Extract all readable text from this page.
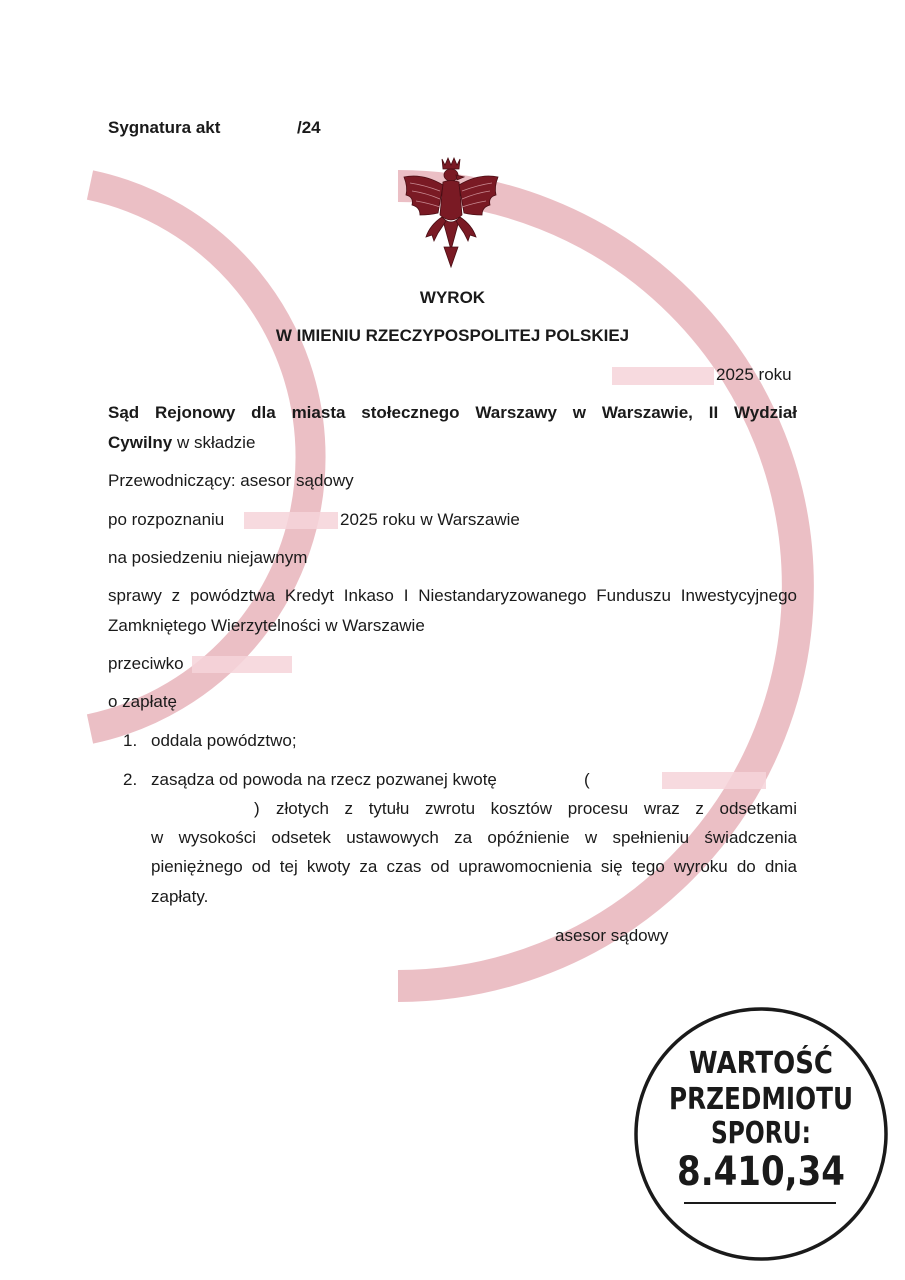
Sygnatura akt	/24
WYROK
W IMIENIU RZECZYPOSPOLITEJ POLSKIEJ
2025 roku
Sąd Rejonowy dla miasta stołecznego Warszawy w Warszawie, II Wydział
Cywilny w składzie
Przewodniczący: asesor sądowy
po rozpoznaniu	2025 roku w Warszawie
na posiedzeniu niejawnym
sprawy z powództwa Kredyt Inkaso I Niestandaryzowanego Funduszu Inwestycyjnego
Zamkniętego Wierzytelności w Warszawie
przeciwko
o zapłatę
1. oddala powództwo;
2. zasądza od powoda na rzecz pozwanej kwotę	(
) złotych z tytułu zwrotu kosztów procesu wraz z odsetkami
w wysokości odsetek ustawowych za opóźnienie w spełnieniu świadczenia
pieniężnego od tej kwoty za czas od uprawomocnienia się tego wyroku do dnia
zapłaty.
asesor sądowy
WARTOŚĆ
PRZEDMIOTU
SPORU:
8.410,34
